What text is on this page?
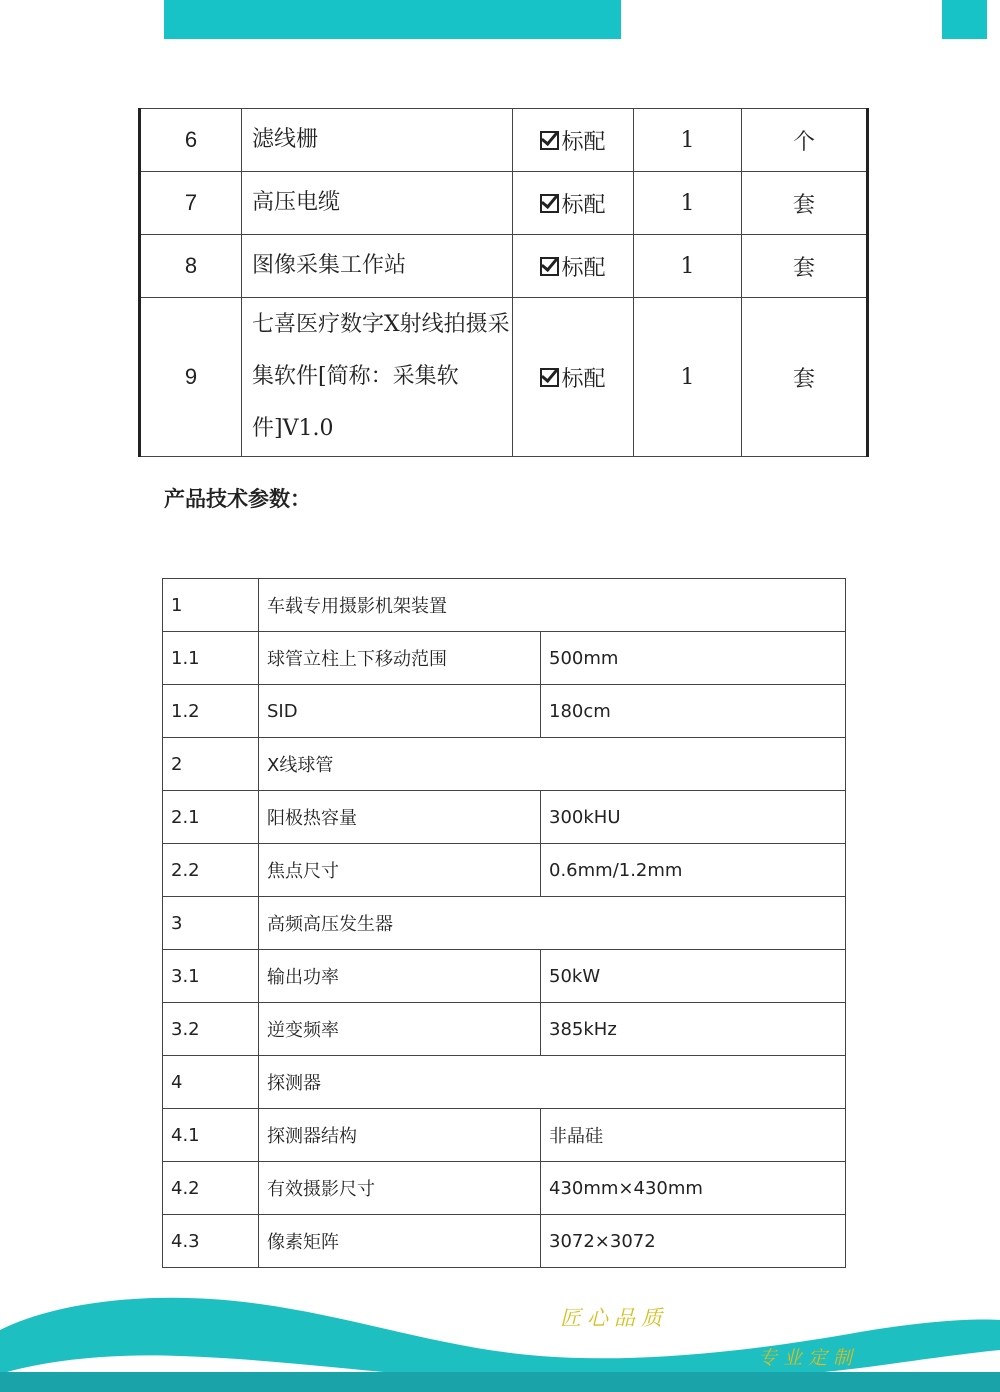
6	滤线栅	标配	1	个
7	高压电缆	标配	1	套
8	图像采集工作站	标配	1	套
9	七喜医疗数字X射线拍摄采集软件[简称：采集软件]V1.0	标配	1	套
产品技术参数：
1	车载专用摄影机架装置	
1.1	球管立柱上下移动范围	500mm
1.2	SID	180cm
2	X线球管	
2.1	阳极热容量	300kHU
2.2	焦点尺寸	0.6mm/1.2mm
3	高频高压发生器	
3.1	输出功率	50kW
3.2	逆变频率	385kHz
4	探测器	
4.1	探测器结构	非晶硅
4.2	有效摄影尺寸	430mm×430mm
4.3	像素矩阵	3072×3072
匠心品质
专业定制
